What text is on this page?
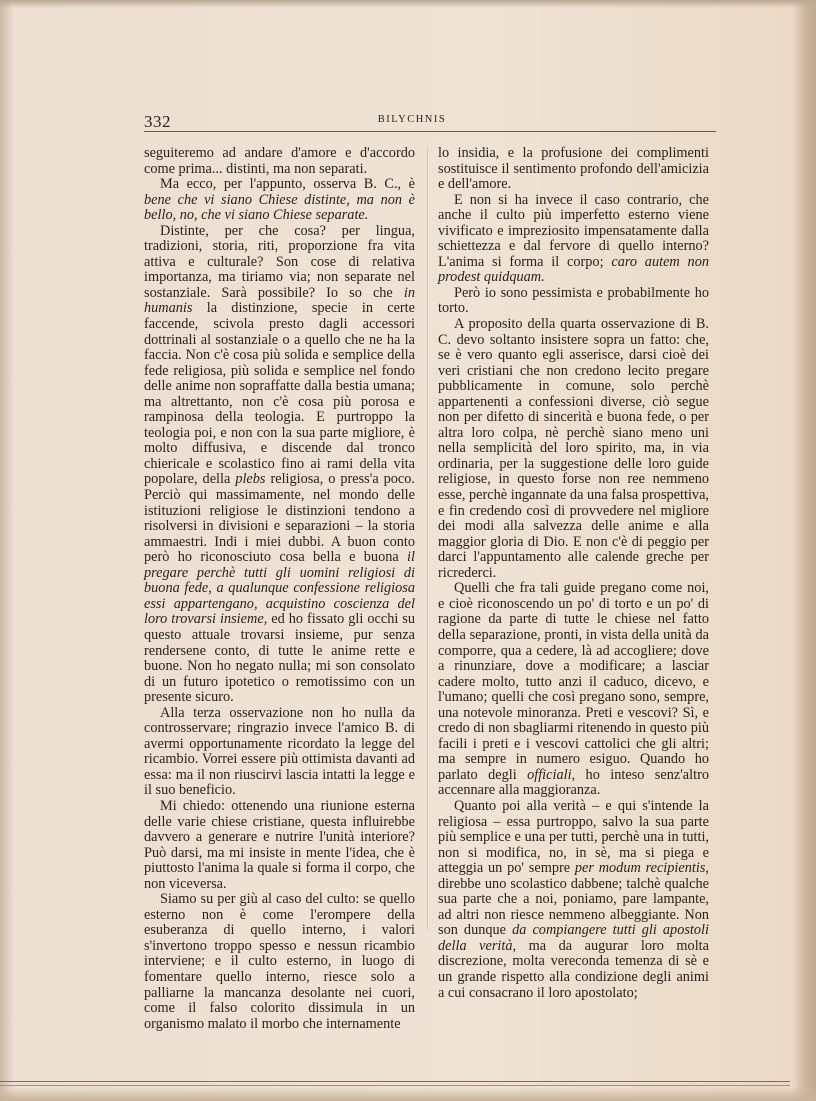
332	BILYCHNIS

seguiteremo ad andare d'amore e d'accordo come prima... distinti, ma non separati.

Ma ecco, per l'appunto, osserva B. C., è bene che vi siano Chiese distinte, ma non è bello, no, che vi siano Chiese separate.

Distinte, per che cosa? per lingua, tradizioni, storia, riti, proporzione fra vita attiva e culturale? Son cose di relativa importanza, ma tiriamo via; non separate nel sostanziale. Sarà possibile? Io so che in humanis la distinzione, specie in certe faccende, scivola presto dagli accessori dottrinali al sostanziale o a quello che ne ha la faccia. Non c'è cosa più solida e semplice della fede religiosa, più solida e semplice nel fondo delle anime non sopraffatte dalla bestia umana; ma altrettanto, non c'è cosa più porosa e rampinosa della teologia. E purtroppo la teologia poi, e non con la sua parte migliore, è molto diffusiva, e discende dal tronco chiericale e scolastico fino ai rami della vita popolare, della plebs religiosa, o press'a poco. Perciò qui massimamente, nel mondo delle istituzioni religiose le distinzioni tendono a risolversi in divisioni e separazioni – la storia ammaestri. Indi i miei dubbi. A buon conto però ho riconosciuto cosa bella e buona il pregare perchè tutti gli uomini religiosi di buona fede, a qualunque confessione religiosa essi appartengano, acquistino coscienza del loro trovarsi insieme, ed ho fissato gli occhi su questo attuale trovarsi insieme, pur senza rendersene conto, di tutte le anime rette e buone. Non ho negato nulla; mi son consolato di un futuro ipotetico o remotissimo con un presente sicuro.

Alla terza osservazione non ho nulla da controsservare; ringrazio invece l'amico B. di avermi opportunamente ricordato la legge del ricambio. Vorrei essere più ottimista davanti ad essa: ma il non riuscirvi lascia intatti la legge e il suo beneficio.

Mi chiedo: ottenendo una riunione esterna delle varie chiese cristiane, questa influirebbe davvero a generare e nutrire l'unità interiore? Può darsi, ma mi insiste in mente l'idea, che è piuttosto l'anima la quale si forma il corpo, che non viceversa.

Siamo su per giù al caso del culto: se quello esterno non è come l'erompere della esuberanza di quello interno, i valori s'invertono troppo spesso e nessun ricambio interviene; e il culto esterno, in luogo di fomentare quello interno, riesce solo a palliarne la mancanza desolante nei cuori, come il falso colorito dissimula in un organismo malato il morbo che internamente

lo insidia, e la profusione dei complimenti sostituisce il sentimento profondo dell'amicizia e dell'amore.

E non si ha invece il caso contrario, che anche il culto più imperfetto esterno viene vivificato e impreziosito impensatamente dalla schiettezza e dal fervore di quello interno? L'anima si forma il corpo; caro autem non prodest quidquam.

Però io sono pessimista e probabilmente ho torto.

A proposito della quarta osservazione di B. C. devo soltanto insistere sopra un fatto: che, se è vero quanto egli asserisce, darsi cioè dei veri cristiani che non credono lecito pregare pubblicamente in comune, solo perchè appartenenti a confessioni diverse, ciò segue non per difetto di sincerità e buona fede, o per altra loro colpa, nè perchè siano meno uni nella semplicità del loro spirito, ma, in via ordinaria, per la suggestione delle loro guide religiose, in questo forse non ree nemmeno esse, perchè ingannate da una falsa prospettiva, e fin credendo così di provvedere nel migliore dei modi alla salvezza delle anime e alla maggior gloria di Dio. E non c'è di peggio per darci l'appuntamento alle calende greche per ricrederci.

Quelli che fra tali guide pregano come noi, e cioè riconoscendo un po' di torto e un po' di ragione da parte di tutte le chiese nel fatto della separazione, pronti, in vista della unità da comporre, qua a cedere, là ad accogliere; dove a rinunziare, dove a modificare; a lasciar cadere molto, tutto anzi il caduco, dicevo, e l'umano; quelli che così pregano sono, sempre, una notevole minoranza. Preti e vescovi? Sì, e credo di non sbagliarmi ritenendo in questo più facili i preti e i vescovi cattolici che gli altri; ma sempre in numero esiguo. Quando ho parlato degli officiali, ho inteso senz'altro accennare alla maggioranza.

Quanto poi alla verità – e qui s'intende la religiosa – essa purtroppo, salvo la sua parte più semplice e una per tutti, perchè una in tutti, non si modifica, no, in sè, ma si piega e atteggia un po' sempre per modum recipientis, direbbe uno scolastico dabbene; talchè qualche sua parte che a noi, poniamo, pare lampante, ad altri non riesce nemmeno albeggiante. Non son dunque da compiangere tutti gli apostoli della verità, ma da augurar loro molta discrezione, molta vereconda temenza di sè e un grande rispetto alla condizione degli animi a cui consacrano il loro apostolato;
